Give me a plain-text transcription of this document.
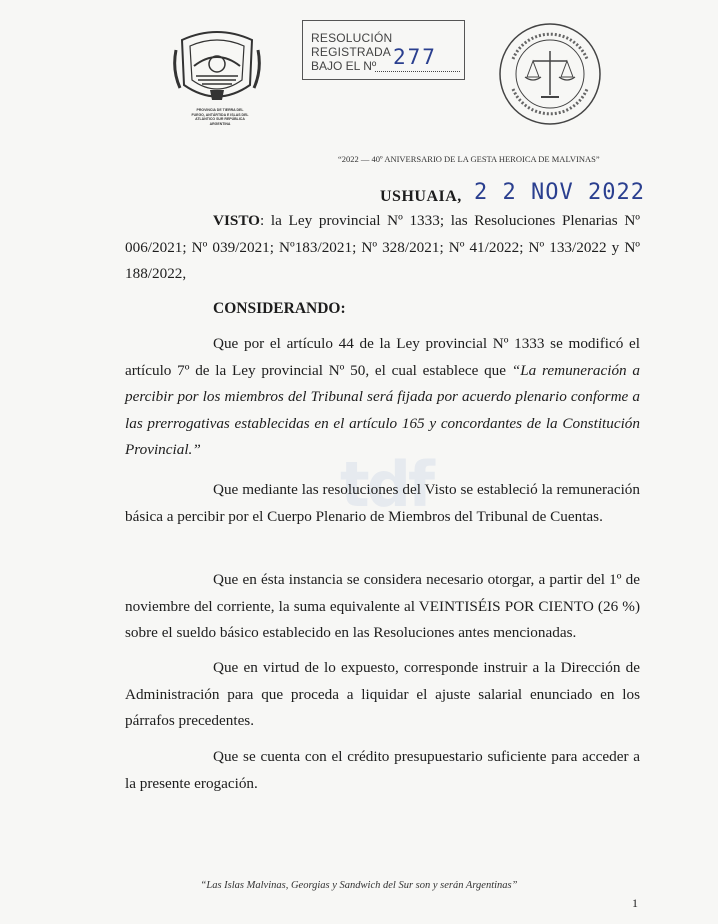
PROVINCIA DE TIERRA DEL FUEGO, ANTÁRTIDA E ISLAS DEL ATLÁNTICO SUR REPÚBLICA ARGENTINA
RESOLUCIÓN REGISTRADA
BAJO EL Nº 277
“2022 — 40º ANIVERSARIO DE LA GESTA HEROICA DE MALVINAS”
USHUAIA, 2 2 NOV 2022
tdf
VISTO: la Ley provincial Nº 1333; las Resoluciones Plenarias Nº 006/2021; Nº 039/2021; Nº183/2021; Nº 328/2021; Nº 41/2022; Nº 133/2022 y Nº 188/2022,
CONSIDERANDO:
Que por el artículo 44 de la Ley provincial Nº 1333 se modificó el artículo 7º de la Ley provincial Nº 50, el cual establece que “La remuneración a percibir por los miembros del Tribunal será fijada por acuerdo plenario conforme a las prerrogativas establecidas en el artículo 165 y concordantes de la Constitución Provincial.”
Que mediante las resoluciones del Visto se estableció la remuneración básica a percibir por el Cuerpo Plenario de Miembros del Tribunal de Cuentas.
Que en ésta instancia se considera necesario otorgar, a partir del 1º de noviembre del corriente, la suma equivalente al VEINTISÉIS POR CIENTO (26 %) sobre el sueldo básico establecido en las Resoluciones antes mencionadas.
Que en virtud de lo expuesto, corresponde instruir a la Dirección de Administración para que proceda a liquidar el ajuste salarial enunciado en los párrafos precedentes.
Que se cuenta con el crédito presupuestario suficiente para acceder a la presente erogación.
“Las Islas Malvinas, Georgias y Sandwich del Sur son y serán Argentinas”
1
